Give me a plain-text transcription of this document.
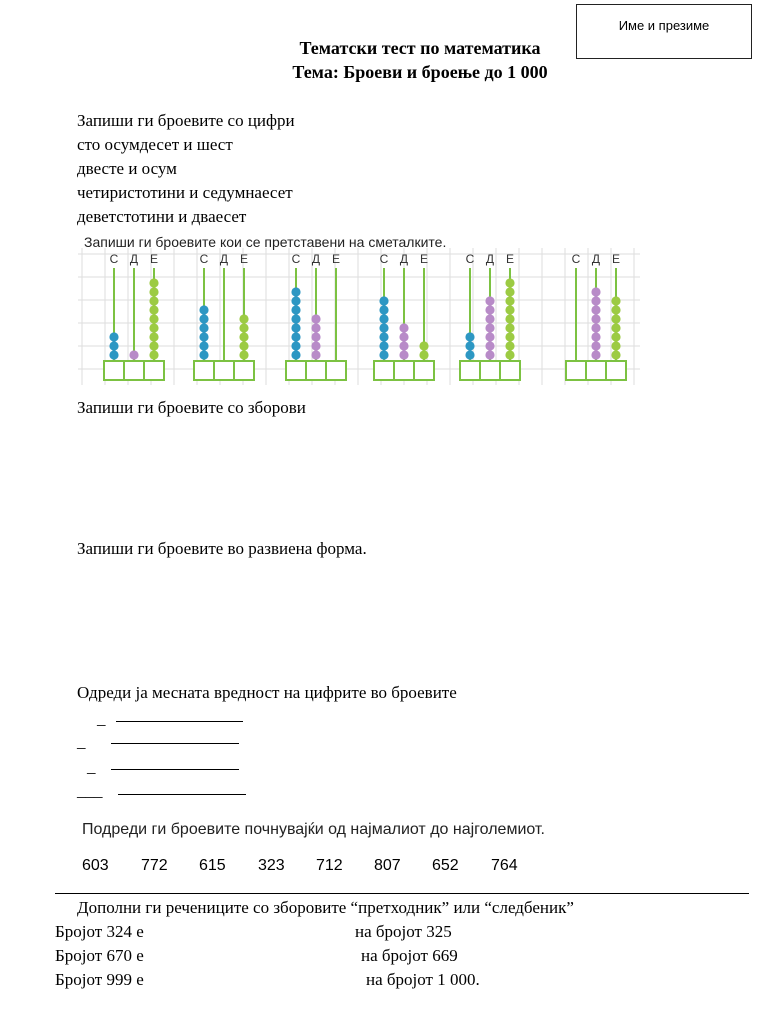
Име и презиме
Тематски тест по математика
Тема: Броеви и броење до 1 000
Запиши ги броевите со цифри
сто осумдесет и шест
двесте и осум
четиристотини и седумнаесет
деветстотини и дваесет
Запиши ги броевите кои се претставени на сметалките.
С Д Е	С Д Е	С Д Е	С Д Е	С Д Е	С Д Е
Запиши ги броевите со зборови
Запиши ги броевите во развиена форма.
Одреди ја месната вредност на цифрите во броевите
_
_
_
___
Подреди ги броевите почнувајќи од најмалиот до најголемиот.
603 772 615 323 712 807 652 764
Дополни ги речениците со зборовите “претходник” или “следбеник”
Бројот 324 е	на бројот 325
Бројот 670 е	на бројот 669
Бројот 999 е	на бројот 1 000.
